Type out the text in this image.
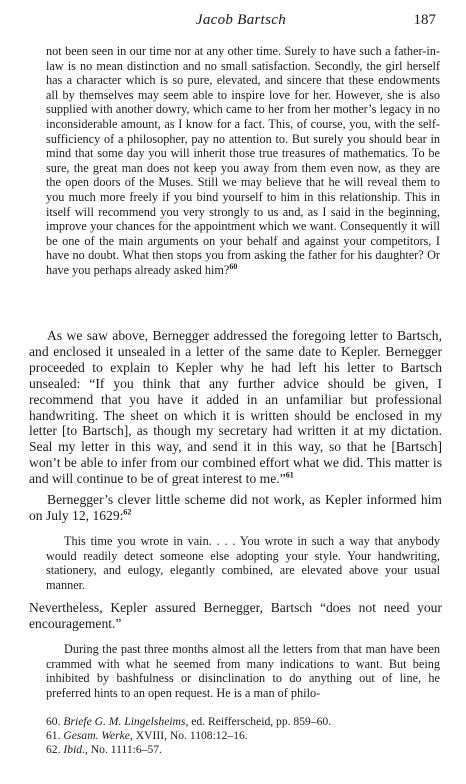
Jacob Bartsch	187
not been seen in our time nor at any other time. Surely to have such a father-in-law is no mean distinction and no small satisfaction. Secondly, the girl herself has a character which is so pure, elevated, and sincere that these endowments all by themselves may seem able to inspire love for her. However, she is also supplied with another dowry, which came to her from her mother’s legacy in no inconsiderable amount, as I know for a fact. This, of course, you, with the self-sufficiency of a philosopher, pay no attention to. But surely you should bear in mind that some day you will inherit those true treasures of mathematics. To be sure, the great man does not keep you away from them even now, as they are the open doors of the Muses. Still we may believe that he will reveal them to you much more freely if you bind yourself to him in this relationship. This in itself will recommend you very strongly to us and, as I said in the beginning, improve your chances for the appointment which we want. Consequently it will be one of the main arguments on your behalf and against your competitors, I have no doubt. What then stops you from asking the father for his daughter? Or have you perhaps already asked him?$^{60}$
As we saw above, Bernegger addressed the foregoing letter to Bartsch, and enclosed it unsealed in a letter of the same date to Kepler. Bernegger proceeded to explain to Kepler why he had left his letter to Bartsch unsealed: “If you think that any further advice should be given, I recommend that you have it added in an unfamiliar but professional handwriting. The sheet on which it is written should be enclosed in my letter [to Bartsch], as though my secretary had written it at my dictation. Seal my letter in this way, and send it in this way, so that he [Bartsch] won’t be able to infer from our combined effort what we did. This matter is and will continue to be of great interest to me.”$^{61}$
Bernegger’s clever little scheme did not work, as Kepler informed him on July 12, 1629:$^{62}$
This time you wrote in vain. . . . You wrote in such a way that anybody would readily detect someone else adopting your style. Your handwriting, stationery, and eulogy, elegantly combined, are elevated above your usual manner.
Nevertheless, Kepler assured Bernegger, Bartsch “does not need your encouragement.”
During the past three months almost all the letters from that man have been crammed with what he seemed from many indications to want. But being inhibited by bashfulness or disinclination to do anything out of line, he preferred hints to an open request. He is a man of philo-
60. Briefe G. M. Lingelsheims, ed. Reifferscheid, pp. 859–60.
61. Gesam. Werke, XVIII, No. 1108:12–16.
62. Ibid., No. 1111:6–57.
